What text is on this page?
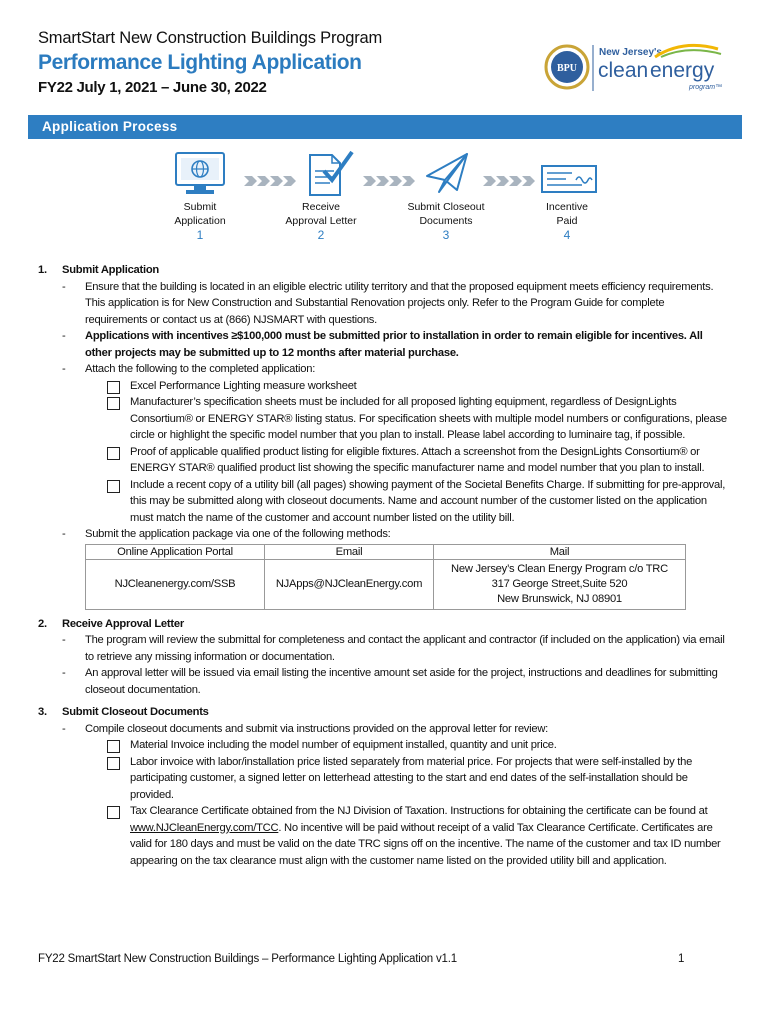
SmartStart New Construction Buildings Program
Performance Lighting Application
FY22 July 1, 2021 – June 30, 2022
BPU
New Jersey's
clean energy
program™
Application Process
Submit
Application
1
Receive
Approval Letter
2
Submit Closeout
Documents
3
Incentive
Paid
4
1. Submit Application
- Ensure that the building is located in an eligible electric utility territory and that the proposed equipment meets efficiency requirements. This application is for New Construction and Substantial Renovation projects only. Refer to the Program Guide for complete requirements or contact us at (866) NJSMART with questions.
- Applications with incentives ≥$100,000 must be submitted prior to installation in order to remain eligible for incentives. All other projects may be submitted up to 12 months after material purchase.
- Attach the following to the completed application:
Excel Performance Lighting measure worksheet
Manufacturer’s specification sheets must be included for all proposed lighting equipment, regardless of DesignLights Consortium® or ENERGY STAR® listing status. For specification sheets with multiple model numbers or configurations, please circle or highlight the specific model number that you plan to install. Please label according to luminaire tag, if possible.
Proof of applicable qualified product listing for eligible fixtures. Attach a screenshot from the DesignLights Consortium® or ENERGY STAR® qualified product list showing the specific manufacturer name and model number that you plan to install.
Include a recent copy of a utility bill (all pages) showing payment of the Societal Benefits Charge. If submitting for pre-approval, this may be submitted along with closeout documents. Name and account number of the customer listed on the application must match the name of the customer and account number listed on the utility bill.
- Submit the application package via one of the following methods:
Online Application Portal	Email	Mail
NJCleanenergy.com/SSB	NJApps@NJCleanEnergy.com	New Jersey’s Clean Energy Program c/o TRC
317 George Street,Suite 520
New Brunswick, NJ 08901
2. Receive Approval Letter
- The program will review the submittal for completeness and contact the applicant and contractor (if included on the application) via email to retrieve any missing information or documentation.
- An approval letter will be issued via email listing the incentive amount set aside for the project, instructions and deadlines for submitting closeout documentation.
3. Submit Closeout Documents
- Compile closeout documents and submit via instructions provided on the approval letter for review:
Material Invoice including the model number of equipment installed, quantity and unit price.
Labor invoice with labor/installation price listed separately from material price. For projects that were self-installed by the participating customer, a signed letter on letterhead attesting to the start and end dates of the self-installation should be provided.
Tax Clearance Certificate obtained from the NJ Division of Taxation. Instructions for obtaining the certificate can be found at www.NJCleanEnergy.com/TCC. No incentive will be paid without receipt of a valid Tax Clearance Certificate. Certificates are valid for 180 days and must be valid on the date TRC signs off on the incentive. The name of the customer and tax ID number appearing on the tax clearance must align with the customer name listed on the provided utility bill and application.
FY22 SmartStart New Construction Buildings – Performance Lighting Application v1.1	1
